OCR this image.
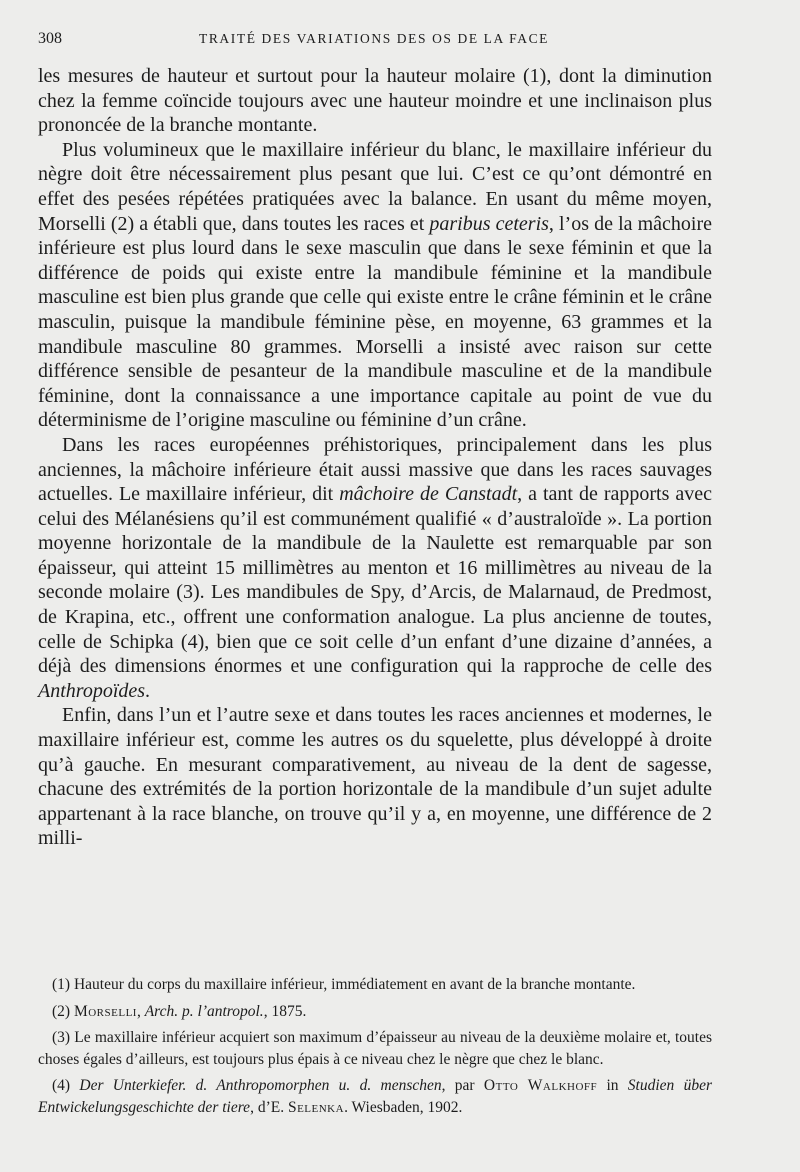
308	TRAITÉ DES VARIATIONS DES OS DE LA FACE

les mesures de hauteur et surtout pour la hauteur molaire (1), dont la diminution chez la femme coïncide toujours avec une hauteur moindre et une inclinaison plus prononcée de la branche montante.

Plus volumineux que le maxillaire inférieur du blanc, le maxillaire inférieur du nègre doit être nécessairement plus pesant que lui. C’est ce qu’ont démontré en effet des pesées répétées pratiquées avec la balance. En usant du même moyen, Morselli (2) a établi que, dans toutes les races et paribus ceteris, l’os de la mâchoire inférieure est plus lourd dans le sexe masculin que dans le sexe féminin et que la différence de poids qui existe entre la mandibule féminine et la mandibule masculine est bien plus grande que celle qui existe entre le crâne féminin et le crâne masculin, puisque la mandibule féminine pèse, en moyenne, 63 grammes et la mandibule masculine 80 grammes. Morselli a insisté avec raison sur cette différence sensible de pesanteur de la mandibule masculine et de la mandibule féminine, dont la connaissance a une importance capitale au point de vue du déterminisme de l’origine masculine ou féminine d’un crâne.

Dans les races européennes préhistoriques, principalement dans les plus anciennes, la mâchoire inférieure était aussi massive que dans les races sauvages actuelles. Le maxillaire inférieur, dit mâchoire de Canstadt, a tant de rapports avec celui des Mélanésiens qu’il est communément qualifié « d’australoïde ». La portion moyenne horizontale de la mandibule de la Naulette est remarquable par son épaisseur, qui atteint 15 millimètres au menton et 16 millimètres au niveau de la seconde molaire (3). Les mandibules de Spy, d’Arcis, de Malarnaud, de Predmost, de Krapina, etc., offrent une conformation analogue. La plus ancienne de toutes, celle de Schipka (4), bien que ce soit celle d’un enfant d’une dizaine d’années, a déjà des dimensions énormes et une configuration qui la rapproche de celle des Anthropoïdes.

Enfin, dans l’un et l’autre sexe et dans toutes les races anciennes et modernes, le maxillaire inférieur est, comme les autres os du squelette, plus développé à droite qu’à gauche. En mesurant comparativement, au niveau de la dent de sagesse, chacune des extrémités de la portion horizontale de la mandibule d’un sujet adulte appartenant à la race blanche, on trouve qu’il y a, en moyenne, une différence de 2 milli-

(1) Hauteur du corps du maxillaire inférieur, immédiatement en avant de la branche montante.

(2) Morselli, Arch. p. l’antropol., 1875.

(3) Le maxillaire inférieur acquiert son maximum d’épaisseur au niveau de la deuxième molaire et, toutes choses égales d’ailleurs, est toujours plus épais à ce niveau chez le nègre que chez le blanc.

(4) Der Unterkiefer. d. Anthropomorphen u. d. menschen, par Otto Walkhoff in Studien über Entwickelungsgeschichte der tiere, d’E. Selenka. Wiesbaden, 1902.
